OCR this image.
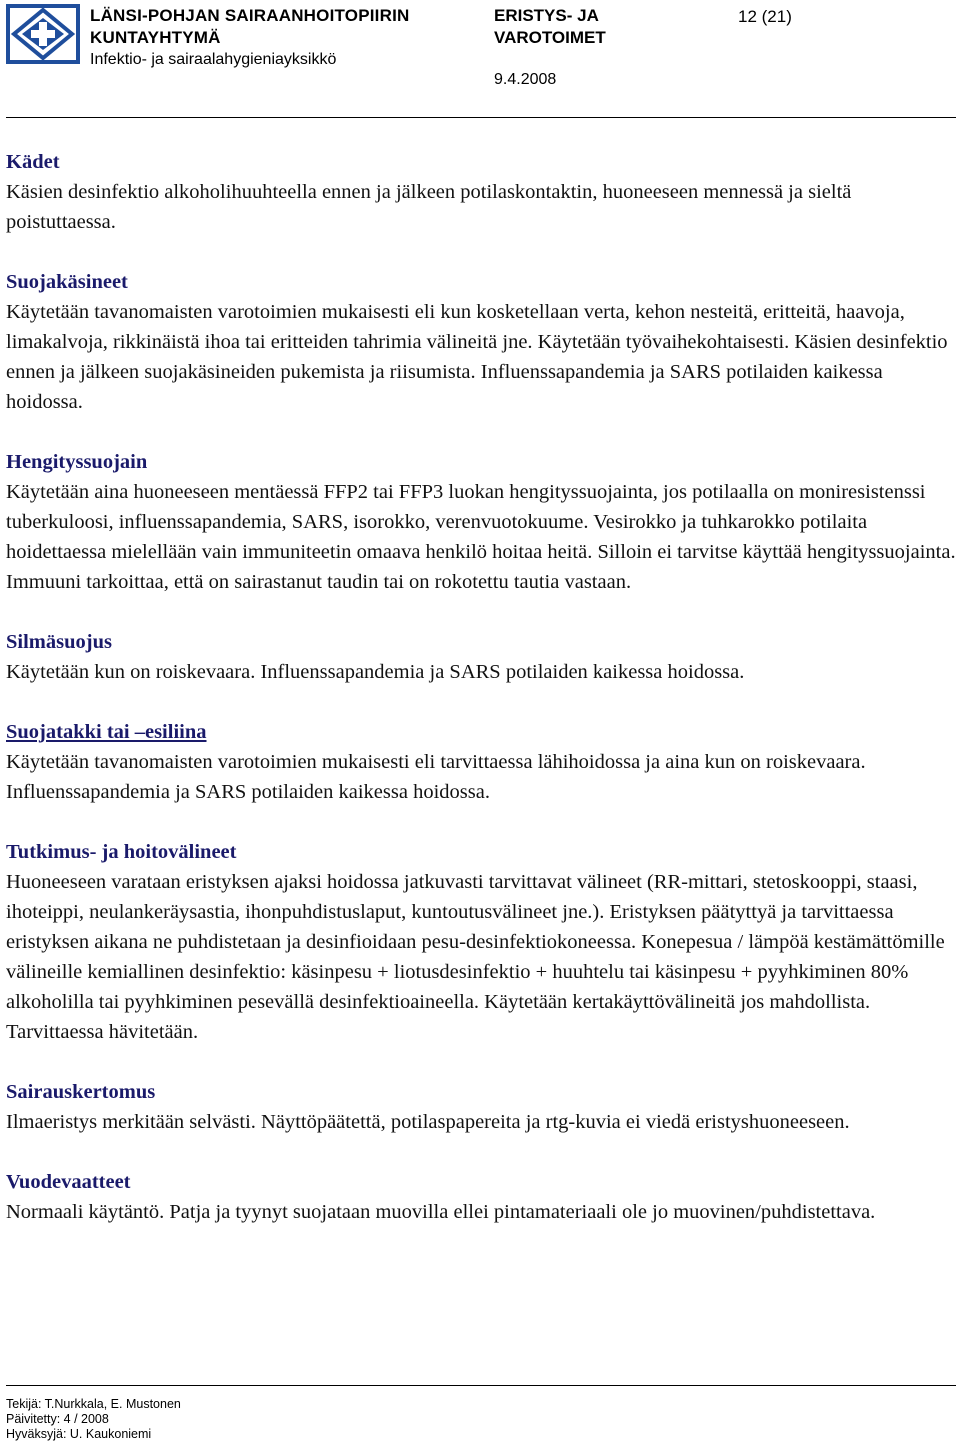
LÄNSI-POHJAN SAIRAANHOITOPIIRIN
KUNTAYHTYMÄ
Infektio- ja sairaalahygieniayksikkö
ERISTYS- JA
VAROTOIMET
12 (21)
9.4.2008
Kädet

Käsien desinfektio alkoholihuuhteella ennen ja jälkeen potilaskontaktin, huoneeseen mennessä ja sieltä poistuttaessa.

Suojakäsineet

Käytetään tavanomaisten varotoimien mukaisesti eli kun kosketellaan verta, kehon nesteitä, eritteitä, haavoja, limakalvoja, rikkinäistä ihoa tai eritteiden tahrimia välineitä jne. Käytetään työvaihekohtaisesti. Käsien desinfektio ennen ja jälkeen suojakäsineiden pukemista ja riisumista. Influenssapandemia ja SARS potilaiden kaikessa hoidossa.

Hengityssuojain

Käytetään aina huoneeseen mentäessä FFP2 tai FFP3 luokan hengityssuojainta, jos potilaalla on moniresistenssi tuberkuloosi, influenssapandemia, SARS, isorokko, verenvuotokuume. Vesirokko ja tuhkarokko potilaita hoidettaessa mielellään vain immuniteetin omaava henkilö hoitaa heitä. Silloin ei tarvitse käyttää hengityssuojainta. Immuuni tarkoittaa, että on sairastanut taudin tai on rokotettu tautia vastaan.

Silmäsuojus

Käytetään kun on roiskevaara. Influenssapandemia ja SARS potilaiden kaikessa hoidossa.

Suojatakki tai –esiliina

Käytetään tavanomaisten varotoimien mukaisesti eli tarvittaessa lähihoidossa ja aina kun on roiskevaara. Influenssapandemia ja SARS potilaiden kaikessa hoidossa.

Tutkimus- ja hoitovälineet

Huoneeseen varataan eristyksen ajaksi hoidossa jatkuvasti tarvittavat välineet (RR-mittari, stetoskooppi, staasi, ihoteippi, neulankeräysastia, ihonpuhdistuslaput, kuntoutusvälineet jne.). Eristyksen päätyttyä ja tarvittaessa eristyksen aikana ne puhdistetaan ja desinfioidaan pesu-desinfektiokoneessa. Konepesua / lämpöä kestämättömille välineille kemiallinen desinfektio: käsinpesu + liotusdesinfektio + huuhtelu tai käsinpesu + pyyhkiminen 80% alkoholilla tai pyyhkiminen pesevällä desinfektioaineella. Käytetään kertakäyttövälineitä jos mahdollista. Tarvittaessa hävitetään.

Sairauskertomus

Ilmaeristys merkitään selvästi. Näyttöpäätettä, potilaspapereita ja rtg-kuvia ei viedä eristyshuoneeseen.

Vuodevaatteet

Normaali käytäntö. Patja ja tyynyt suojataan muovilla ellei pintamateriaali ole jo muovinen/puhdistettava.

Tekijä: T.Nurkkala, E. Mustonen
Päivitetty: 4 / 2008
Hyväksyjä: U. Kaukoniemi
